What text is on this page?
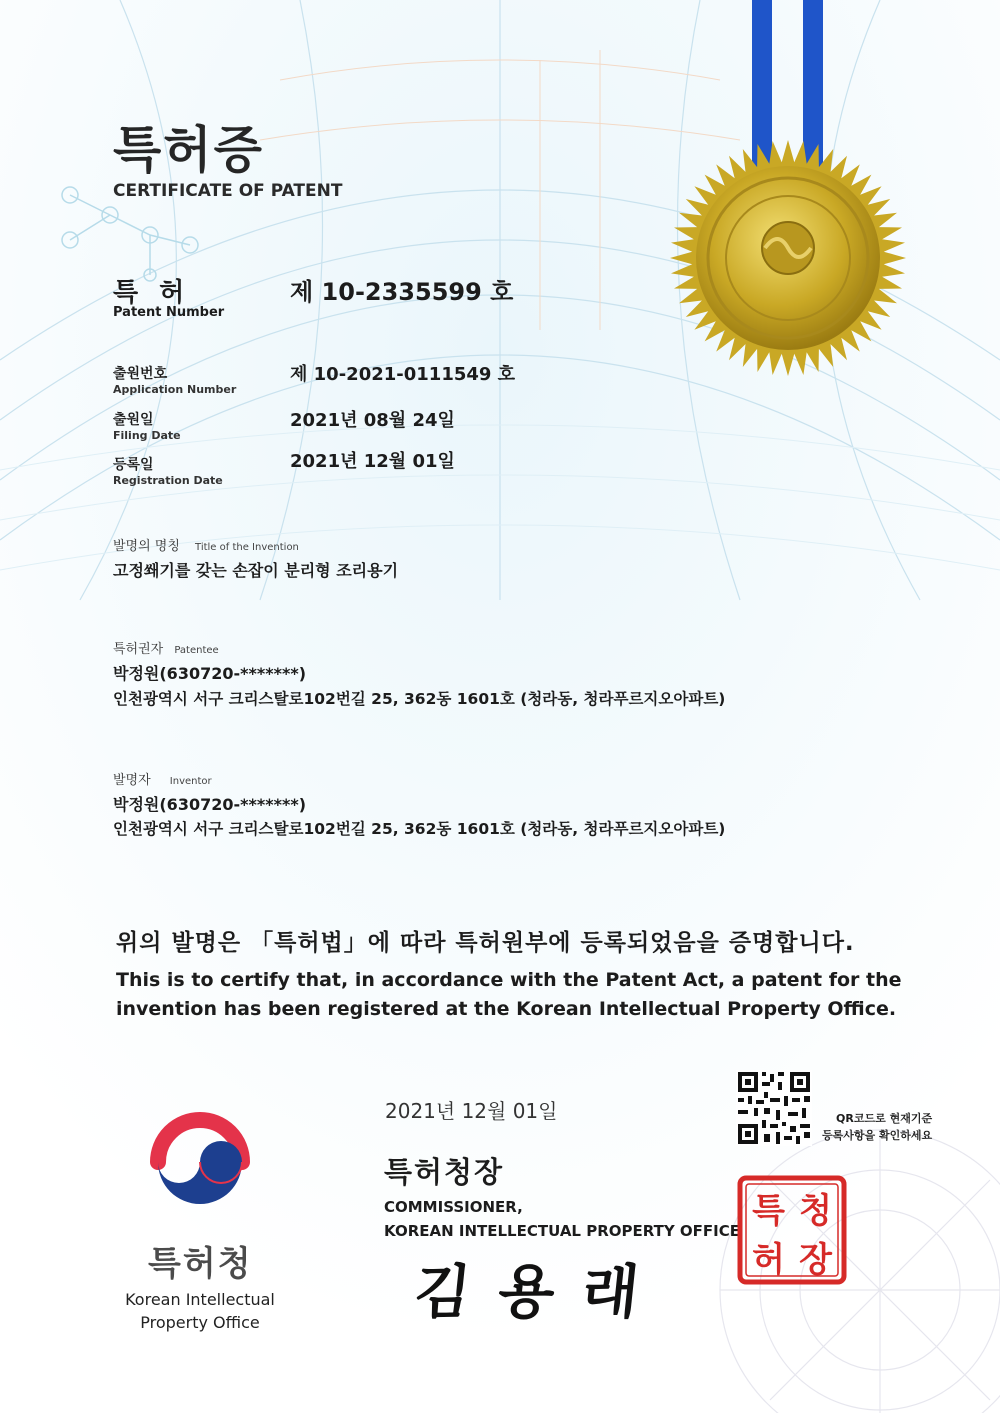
특허증
CERTIFICATE OF PATENT
특 허
Patent Number
제 10-2335599 호
출원번호
Application Number
제 10-2021-0111549 호
출원일
Filing Date
2021년 08월 24일
등록일
Registration Date
2021년 12월 01일
발명의 명칭 Title of the Invention
고정쐐기를 갖는 손잡이 분리형 조리용기
특허권자 Patentee
박정원(630720-*******)
인천광역시 서구 크리스탈로102번길 25, 362동 1601호 (청라동, 청라푸르지오아파트)
발명자 Inventor
박정원(630720-*******)
인천광역시 서구 크리스탈로102번길 25, 362동 1601호 (청라동, 청라푸르지오아파트)
위의 발명은 「특허법」에 따라 특허원부에 등록되었음을 증명합니다.
This is to certify that, in accordance with the Patent Act, a patent for the invention has been registered at the Korean Intellectual Property Office.
2021년 12월 01일
특허청장
COMMISSIONER,
KOREAN INTELLECTUAL PROPERTY OFFICE
김용래
QR코드로 현재기준
등록사항을 확인하세요
특허청
Korean Intellectual Property Office
특 청
허 장
